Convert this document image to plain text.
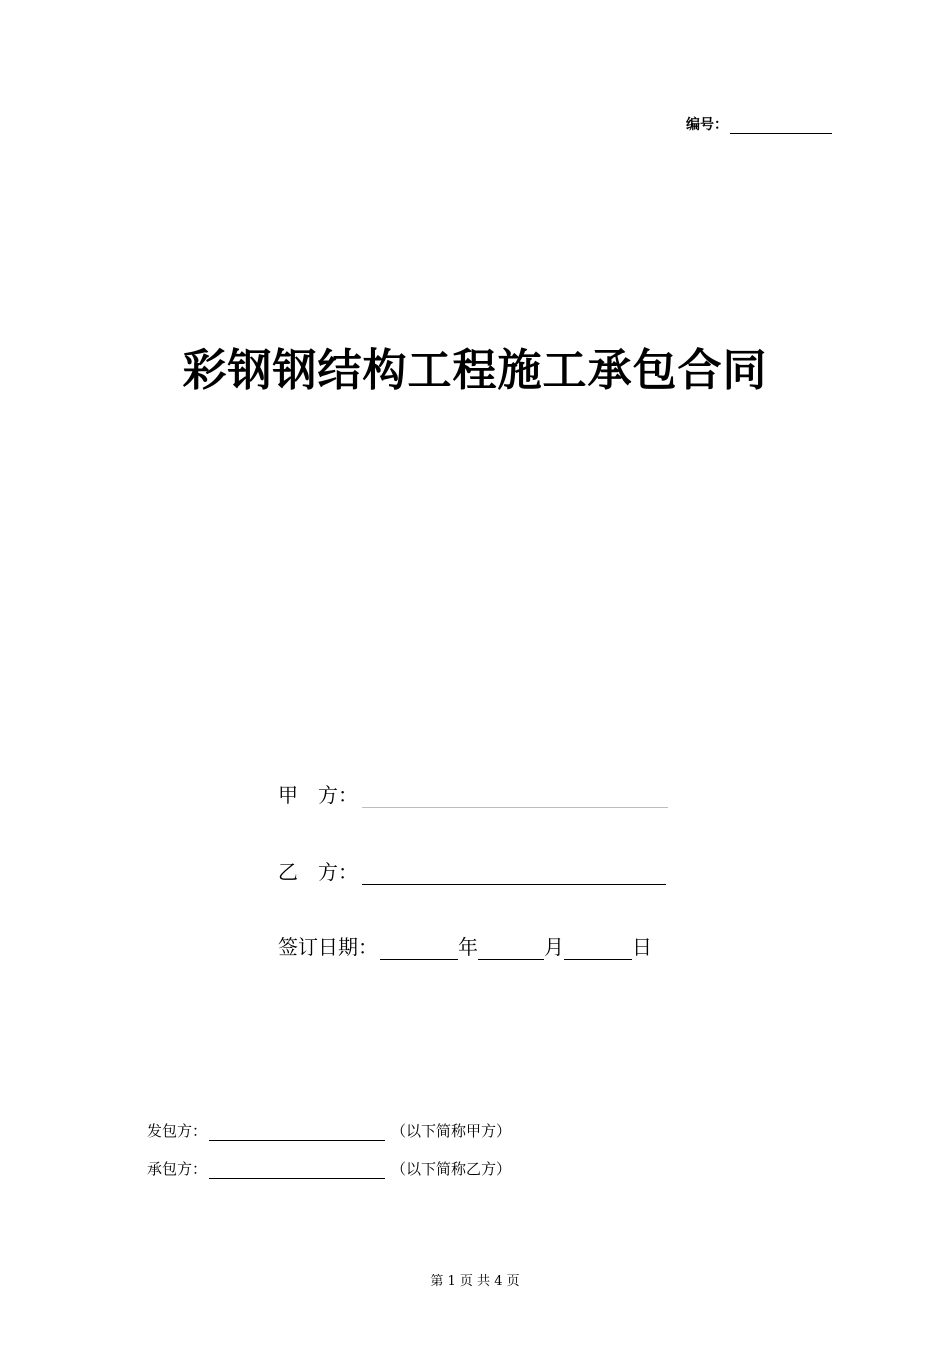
编号：
彩钢钢结构工程施工承包合同
甲　方：
乙　方：
签订日期：	年	月	日
发包方：	（以下简称甲方）
承包方：	（以下简称乙方）
第 1 页 共 4 页
